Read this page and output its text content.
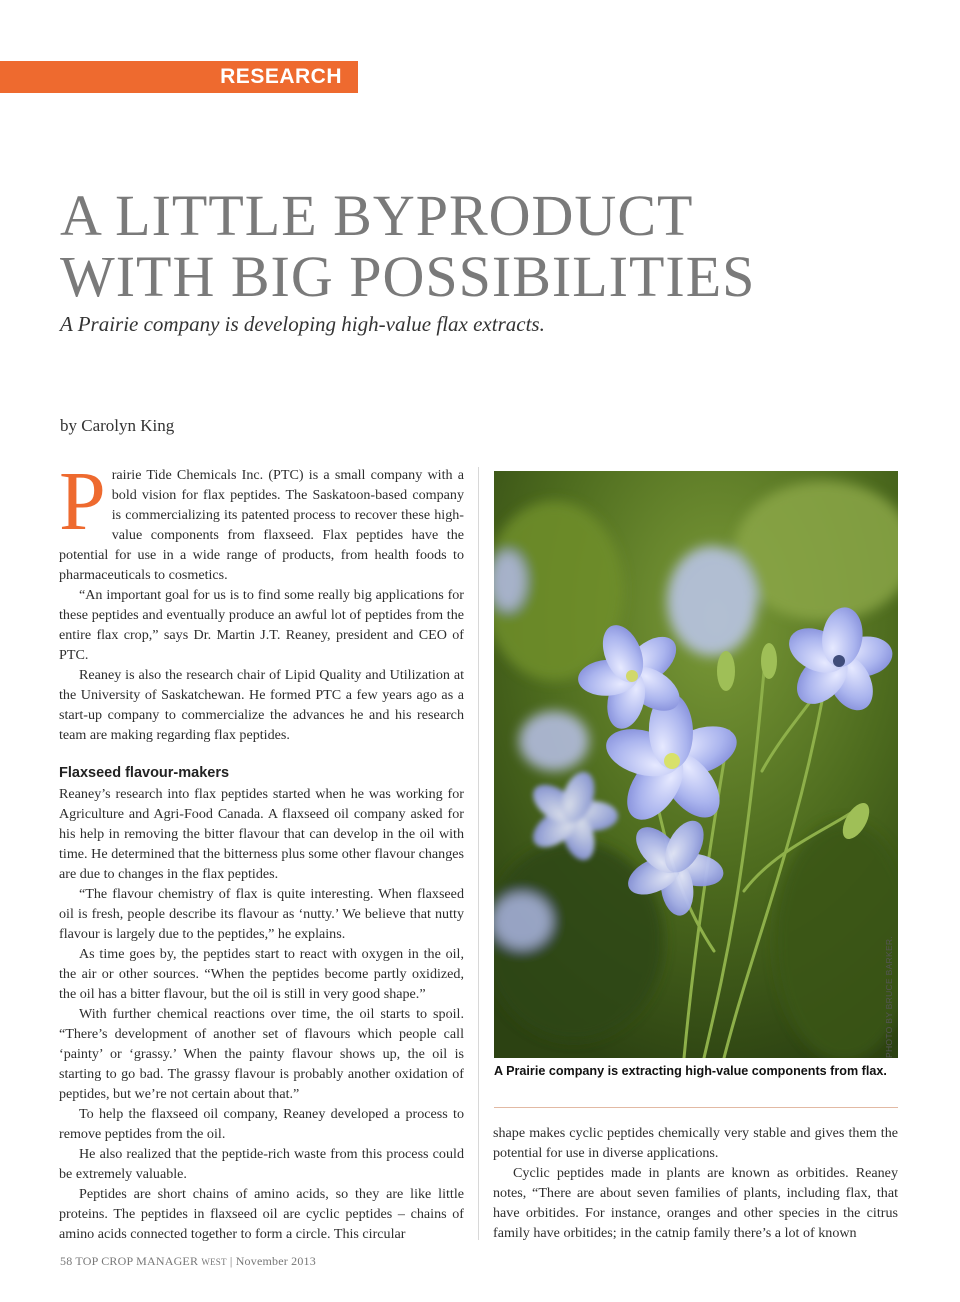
RESEARCH
A LITTLE BYPRODUCT
WITH BIG POSSIBILITIES

A Prairie company is developing high-value flax extracts.

by Carolyn King

Prairie Tide Chemicals Inc. (PTC) is a small company with a bold vision for flax peptides. The Saskatoon-based company is commercializing its patented process to recover these high-value components from flaxseed. Flax peptides have the potential for use in a wide range of products, from health foods to pharmaceuticals to cosmetics.

“An important goal for us is to find some really big applications for these peptides and eventually produce an awful lot of peptides from the entire flax crop,” says Dr. Martin J.T. Reaney, president and CEO of PTC.

Reaney is also the research chair of Lipid Quality and Utilization at the University of Saskatchewan. He formed PTC a few years ago as a start-up company to commercialize the advances he and his research team are making regarding flax peptides.

Flaxseed flavour-makers

Reaney’s research into flax peptides started when he was working for Agriculture and Agri-Food Canada. A flaxseed oil company asked for his help in removing the bitter flavour that can develop in the oil with time. He determined that the bitterness plus some other flavour changes are due to changes in the flax peptides.

“The flavour chemistry of flax is quite interesting. When flaxseed oil is fresh, people describe its flavour as ‘nutty.’ We believe that nutty flavour is largely due to the peptides,” he explains.

As time goes by, the peptides start to react with oxygen in the oil, the air or other sources. “When the peptides become partly oxidized, the oil has a bitter flavour, but the oil is still in very good shape.”

With further chemical reactions over time, the oil starts to spoil. “There’s development of another set of flavours which people call ‘painty’ or ‘grassy.’ When the painty flavour shows up, the oil is starting to go bad. The grassy flavour is probably another oxidation of peptides, but we’re not certain about that.”

To help the flaxseed oil company, Reaney developed a process to remove peptides from the oil.

He also realized that the peptide-rich waste from this process could be extremely valuable.

Peptides are short chains of amino acids, so they are like little proteins. The peptides in flaxseed oil are cyclic peptides – chains of amino acids connected together to form a circle. This circular

PHOTO BY BRUCE BARKER.

A Prairie company is extracting high-value components from flax.

shape makes cyclic peptides chemically very stable and gives them the potential for use in diverse applications.

Cyclic peptides made in plants are known as orbitides. Reaney notes, “There are about seven families of plants, including flax, that have orbitides. For instance, oranges and other species in the citrus family have orbitides; in the catnip family there’s a lot of known

58 TOP CROP MANAGER WEST | November 2013
